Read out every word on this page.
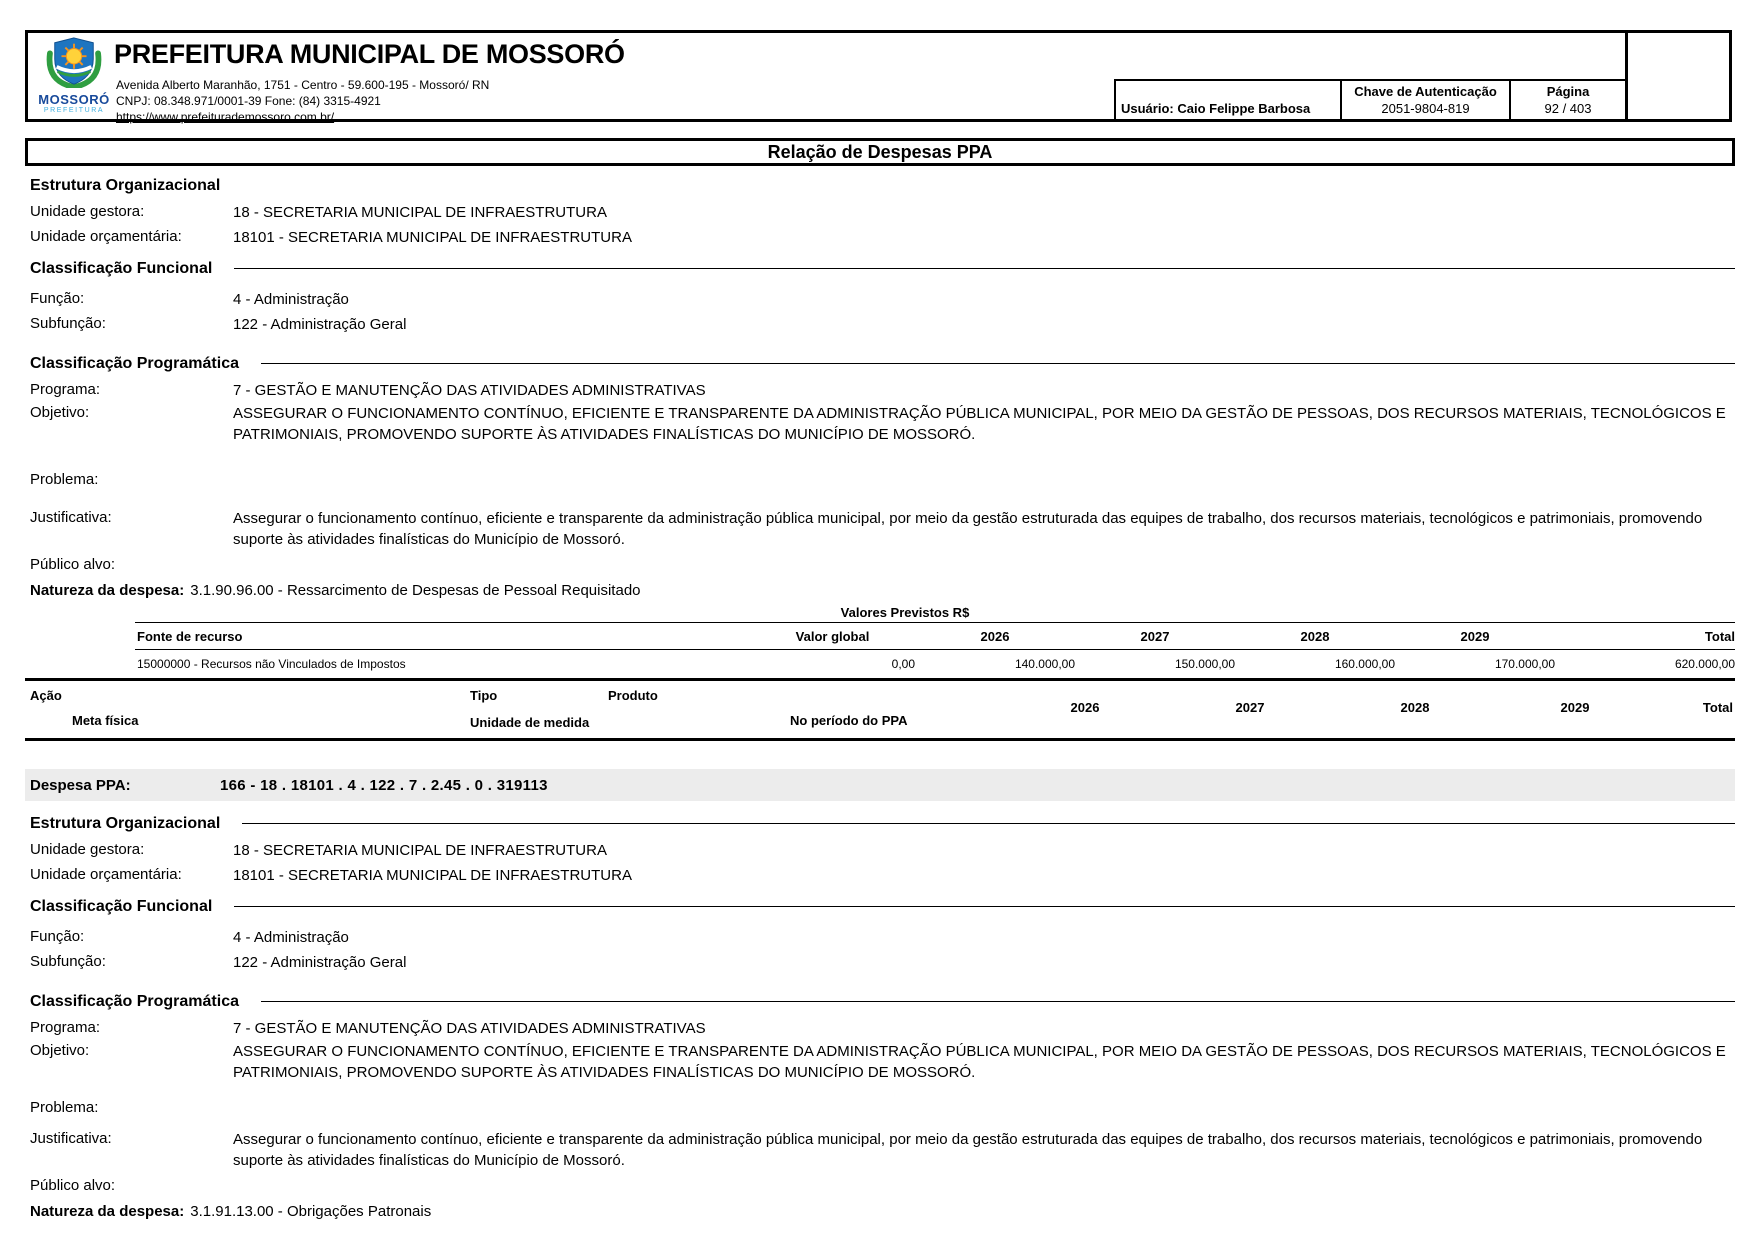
MOSSORÓ
PREFEITURA
PREFEITURA MUNICIPAL DE MOSSORÓ
Avenida Alberto Maranhão, 1751 - Centro - 59.600-195 - Mossoró/ RN
CNPJ: 08.348.971/0001-39 Fone: (84) 3315-4921
https://www.prefeiturademossoro.com.br/
Usuário: Caio Felippe Barbosa
Chave de Autenticação
2051-9804-819
Página
92 / 403
Relação de Despesas PPA
Estrutura Organizacional
Unidade gestora:	18 - SECRETARIA MUNICIPAL DE INFRAESTRUTURA
Unidade orçamentária:	18101 - SECRETARIA MUNICIPAL DE INFRAESTRUTURA
Classificação Funcional
Função:	4 - Administração
Subfunção:	122 - Administração Geral
Classificação Programática
Programa:	7 - GESTÃO E MANUTENÇÃO DAS ATIVIDADES ADMINISTRATIVAS
Objetivo:	ASSEGURAR O FUNCIONAMENTO CONTÍNUO, EFICIENTE E TRANSPARENTE DA ADMINISTRAÇÃO PÚBLICA MUNICIPAL, POR MEIO DA GESTÃO DE PESSOAS, DOS RECURSOS MATERIAIS, TECNOLÓGICOS E PATRIMONIAIS, PROMOVENDO SUPORTE ÀS ATIVIDADES FINALÍSTICAS DO MUNICÍPIO DE MOSSORÓ.
Problema:
Justificativa:	Assegurar o funcionamento contínuo, eficiente e transparente da administração pública municipal, por meio da gestão estruturada das equipes de trabalho, dos recursos materiais, tecnológicos e patrimoniais, promovendo suporte às atividades finalísticas do Município de Mossoró.
Público alvo:
Natureza da despesa: 3.1.90.96.00 - Ressarcimento de Despesas de Pessoal Requisitado
Valores Previstos R$
Fonte de recurso	Valor global	2026	2027	2028	2029	Total
15000000 - Recursos não Vinculados de Impostos	0,00	140.000,00	150.000,00	160.000,00	170.000,00	620.000,00
Ação	Tipo	Produto
Meta física	Unidade de medida	No período do PPA
2026	2027	2028	2029	Total
Despesa PPA:	166 - 18 . 18101 . 4 . 122 . 7 . 2.45 . 0 . 319113
Estrutura Organizacional
Unidade gestora:	18 - SECRETARIA MUNICIPAL DE INFRAESTRUTURA
Unidade orçamentária:	18101 - SECRETARIA MUNICIPAL DE INFRAESTRUTURA
Classificação Funcional
Função:	4 - Administração
Subfunção:	122 - Administração Geral
Classificação Programática
Programa:	7 - GESTÃO E MANUTENÇÃO DAS ATIVIDADES ADMINISTRATIVAS
Objetivo:	ASSEGURAR O FUNCIONAMENTO CONTÍNUO, EFICIENTE E TRANSPARENTE DA ADMINISTRAÇÃO PÚBLICA MUNICIPAL, POR MEIO DA GESTÃO DE PESSOAS, DOS RECURSOS MATERIAIS, TECNOLÓGICOS E PATRIMONIAIS, PROMOVENDO SUPORTE ÀS ATIVIDADES FINALÍSTICAS DO MUNICÍPIO DE MOSSORÓ.
Problema:
Justificativa:	Assegurar o funcionamento contínuo, eficiente e transparente da administração pública municipal, por meio da gestão estruturada das equipes de trabalho, dos recursos materiais, tecnológicos e patrimoniais, promovendo suporte às atividades finalísticas do Município de Mossoró.
Público alvo:
Natureza da despesa: 3.1.91.13.00 - Obrigações Patronais
